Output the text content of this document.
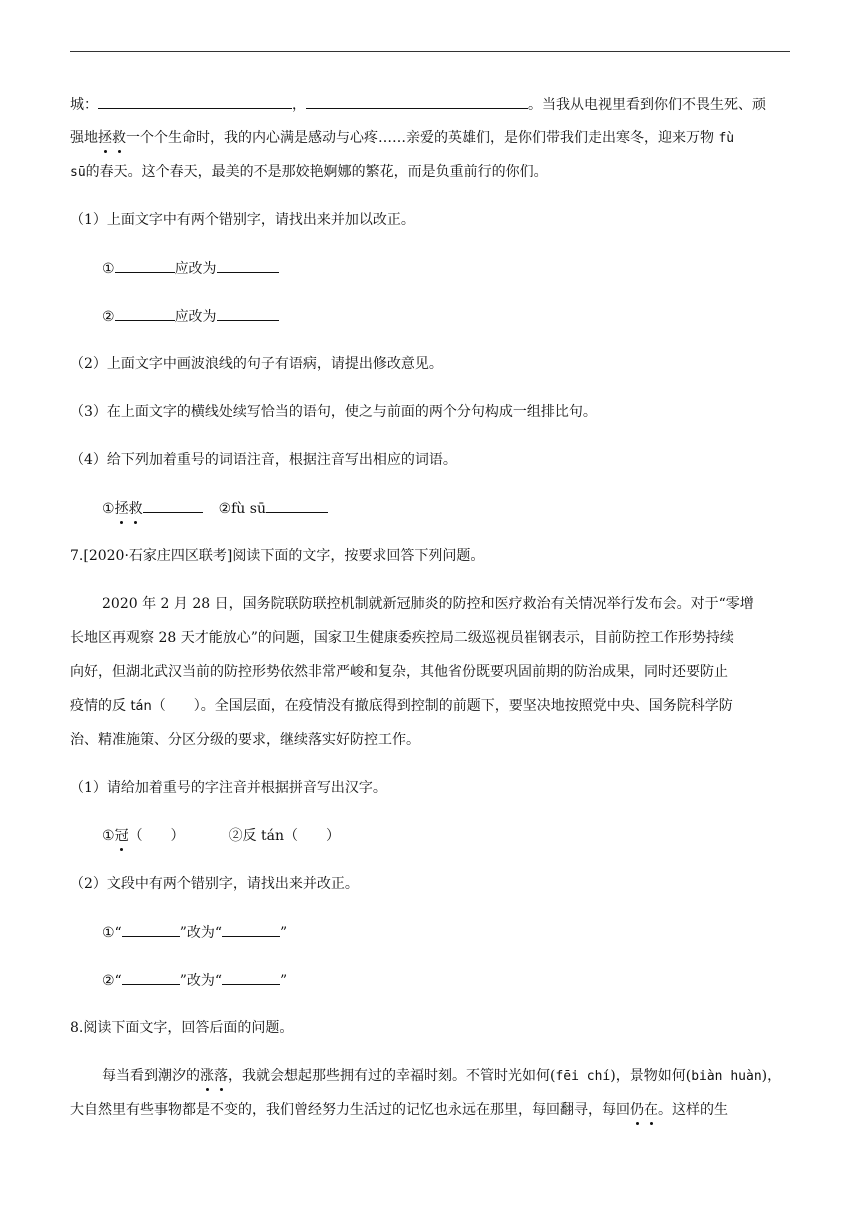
城：	，	。当我从电视里看到你们不畏生死、顽
强地拯救一个个生命时，我的内心满是感动与心疼……亲爱的英雄们，是你们带我们走出寒冬，迎来万物 fù
sū的春天。这个春天，最美的不是那姣艳婀娜的繁花，而是负重前行的你们。
（1）上面文字中有两个错别字，请找出来并加以改正。
①	应改为
②	应改为
（2）上面文字中画波浪线的句子有语病，请提出修改意见。
（3）在上面文字的横线处续写恰当的语句，使之与前面的两个分句构成一组排比句。
（4）给下列加着重号的词语注音，根据注音写出相应的词语。
①拯救	②fù sū
7.[2020·石家庄四区联考]阅读下面的文字，按要求回答下列问题。
2020 年 2 月 28 日，国务院联防联控机制就新冠肺炎的防控和医疗救治有关情况举行发布会。对于“零增
长地区再观察 28 天才能放心”的问题，国家卫生健康委疾控局二级巡视员崔钢表示，目前防控工作形势持续
向好，但湖北武汉当前的防控形势依然非常严峻和复杂，其他省份既要巩固前期的防治成果，同时还要防止
疫情的反 tán（　　）。全国层面，在疫情没有撤底得到控制的前题下，要坚决地按照党中央、国务院科学防
治、精准施策、分区分级的要求，继续落实好防控工作。
（1）请给加着重号的字注音并根据拼音写出汉字。
①冠（　　）	②反 tán（　　）
（2）文段中有两个错别字，请找出来并改正。
①“	”改为“	”
②“	”改为“	”
8.阅读下面文字，回答后面的问题。
每当看到潮汐的涨落，我就会想起那些拥有过的幸福时刻。不管时光如何(fēi chí)，景物如何(biàn huàn)，
大自然里有些事物都是不变的，我们曾经努力生活过的记忆也永远在那里，每回翻寻，每回仍在。这样的生
